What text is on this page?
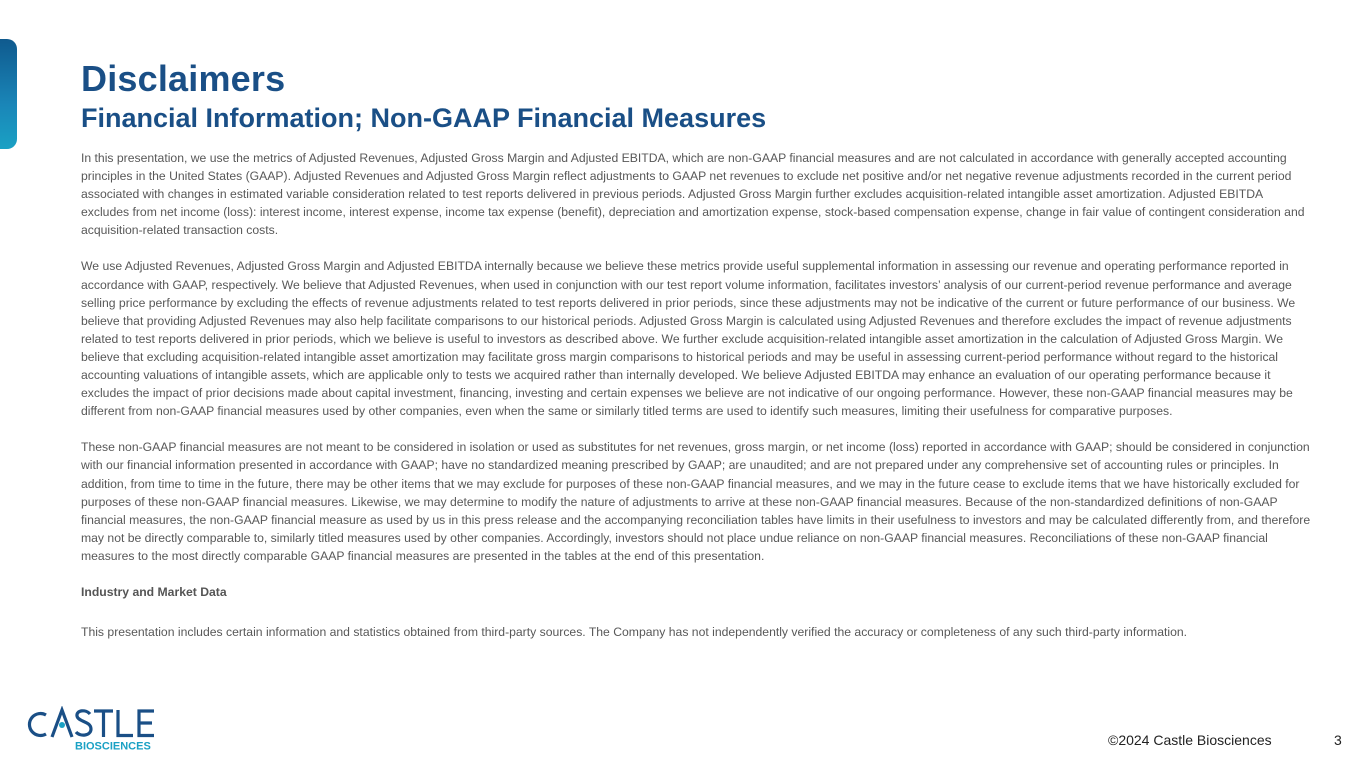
Disclaimers
Financial Information; Non-GAAP Financial Measures

In this presentation, we use the metrics of Adjusted Revenues, Adjusted Gross Margin and Adjusted EBITDA, which are non-GAAP financial measures and are not calculated in accordance with generally accepted accounting principles in the United States (GAAP). Adjusted Revenues and Adjusted Gross Margin reflect adjustments to GAAP net revenues to exclude net positive and/or net negative revenue adjustments recorded in the current period associated with changes in estimated variable consideration related to test reports delivered in previous periods. Adjusted Gross Margin further excludes acquisition-related intangible asset amortization. Adjusted EBITDA excludes from net income (loss): interest income, interest expense, income tax expense (benefit), depreciation and amortization expense, stock-based compensation expense, change in fair value of contingent consideration and acquisition-related transaction costs.

We use Adjusted Revenues, Adjusted Gross Margin and Adjusted EBITDA internally because we believe these metrics provide useful supplemental information in assessing our revenue and operating performance reported in accordance with GAAP, respectively. We believe that Adjusted Revenues, when used in conjunction with our test report volume information, facilitates investors’ analysis of our current-period revenue performance and average selling price performance by excluding the effects of revenue adjustments related to test reports delivered in prior periods, since these adjustments may not be indicative of the current or future performance of our business. We believe that providing Adjusted Revenues may also help facilitate comparisons to our historical periods. Adjusted Gross Margin is calculated using Adjusted Revenues and therefore excludes the impact of revenue adjustments related to test reports delivered in prior periods, which we believe is useful to investors as described above. We further exclude acquisition-related intangible asset amortization in the calculation of Adjusted Gross Margin. We believe that excluding acquisition-related intangible asset amortization may facilitate gross margin comparisons to historical periods and may be useful in assessing current-period performance without regard to the historical accounting valuations of intangible assets, which are applicable only to tests we acquired rather than internally developed. We believe Adjusted EBITDA may enhance an evaluation of our operating performance because it excludes the impact of prior decisions made about capital investment, financing, investing and certain expenses we believe are not indicative of our ongoing performance. However, these non-GAAP financial measures may be different from non-GAAP financial measures used by other companies, even when the same or similarly titled terms are used to identify such measures, limiting their usefulness for comparative purposes.

These non-GAAP financial measures are not meant to be considered in isolation or used as substitutes for net revenues, gross margin, or net income (loss) reported in accordance with GAAP; should be considered in conjunction with our financial information presented in accordance with GAAP; have no standardized meaning prescribed by GAAP; are unaudited; and are not prepared under any comprehensive set of accounting rules or principles. In addition, from time to time in the future, there may be other items that we may exclude for purposes of these non-GAAP financial measures, and we may in the future cease to exclude items that we have historically excluded for purposes of these non-GAAP financial measures. Likewise, we may determine to modify the nature of adjustments to arrive at these non-GAAP financial measures. Because of the non-standardized definitions of non-GAAP financial measures, the non-GAAP financial measure as used by us in this press release and the accompanying reconciliation tables have limits in their usefulness to investors and may be calculated differently from, and therefore may not be directly comparable to, similarly titled measures used by other companies. Accordingly, investors should not place undue reliance on non-GAAP financial measures. Reconciliations of these non-GAAP financial measures to the most directly comparable GAAP financial measures are presented in the tables at the end of this presentation.

Industry and Market Data

This presentation includes certain information and statistics obtained from third-party sources. The Company has not independently verified the accuracy or completeness of any such third-party information.

BIOSCIENCES	©2024 Castle Biosciences	3
